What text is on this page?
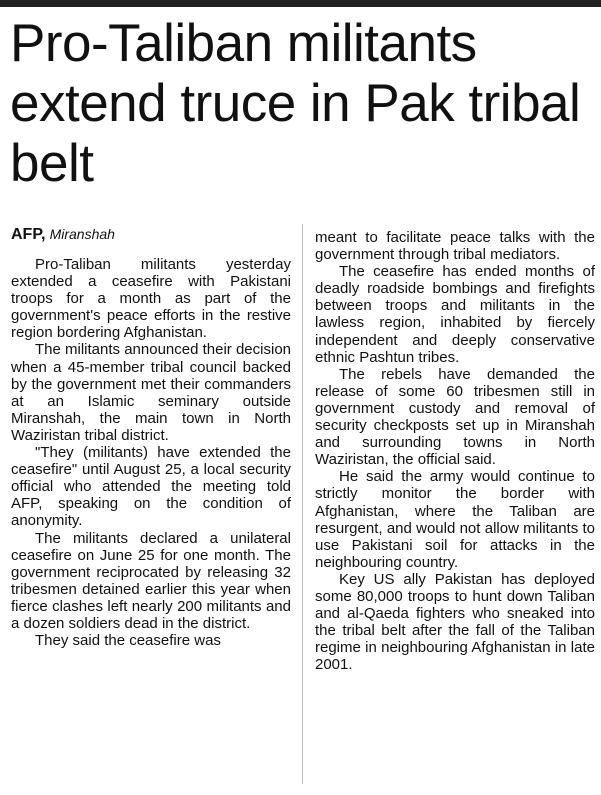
Pro-Taliban militants extend truce in Pak tribal belt
AFP, Miranshah

Pro-Taliban militants yesterday extended a ceasefire with Pakistani troops for a month as part of the government's peace efforts in the restive region bordering Afghanistan.

The militants announced their decision when a 45-member tribal council backed by the government met their commanders at an Islamic seminary outside Miranshah, the main town in North Waziristan tribal district.

"They (militants) have extended the ceasefire" until August 25, a local security official who attended the meeting told AFP, speaking on the condition of anonymity.

The militants declared a unilateral ceasefire on June 25 for one month. The government reciprocated by releasing 32 tribesmen detained earlier this year when fierce clashes left nearly 200 militants and a dozen soldiers dead in the district.

They said the ceasefire was

meant to facilitate peace talks with the government through tribal mediators.

The ceasefire has ended months of deadly roadside bombings and firefights between troops and militants in the lawless region, inhabited by fiercely independent and deeply conservative ethnic Pashtun tribes.

The rebels have demanded the release of some 60 tribesmen still in government custody and removal of security checkposts set up in Miranshah and surrounding towns in North Waziristan, the official said.

He said the army would continue to strictly monitor the border with Afghanistan, where the Taliban are resurgent, and would not allow militants to use Pakistani soil for attacks in the neighbouring country.

Key US ally Pakistan has deployed some 80,000 troops to hunt down Taliban and al-Qaeda fighters who sneaked into the tribal belt after the fall of the Taliban regime in neighbouring Afghanistan in late 2001.
